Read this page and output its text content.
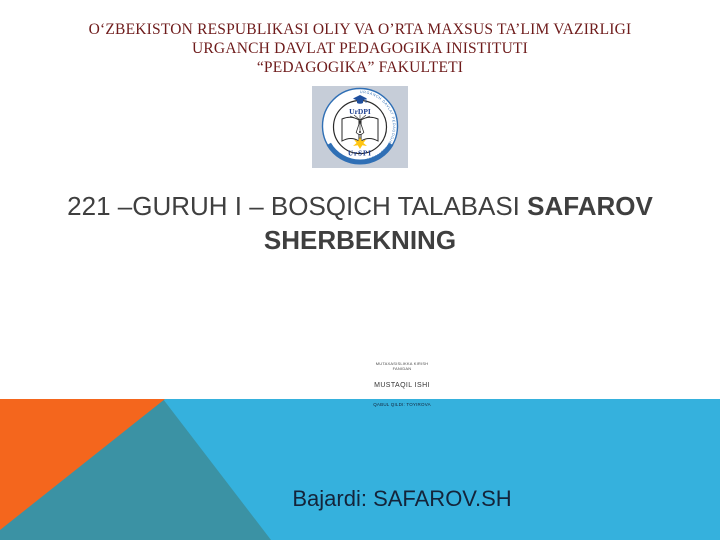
O‘ZBEKISTON RESPUBLIKASI OLIY VA O’RTA MAXSUS TA’LIM VAZIRLIGI
URGANCH DAVLAT PEDAGOGIKA INISTITUTI
“PEDAGOGIKA” FAKULTETI
URGANCH DAVLAT PEDAGOGIKA INSTITUTI
UrDPI
UrSPI
221 –GURUH I – BOSQICH TALABASI SAFAROV SHERBEKNING
MUTAXASISLIKKA KIRISH
FANIDAN
MUSTAQIL ISHI
QABUL QILDI: TOYIROVA
Bajardi: SAFAROV.SH
